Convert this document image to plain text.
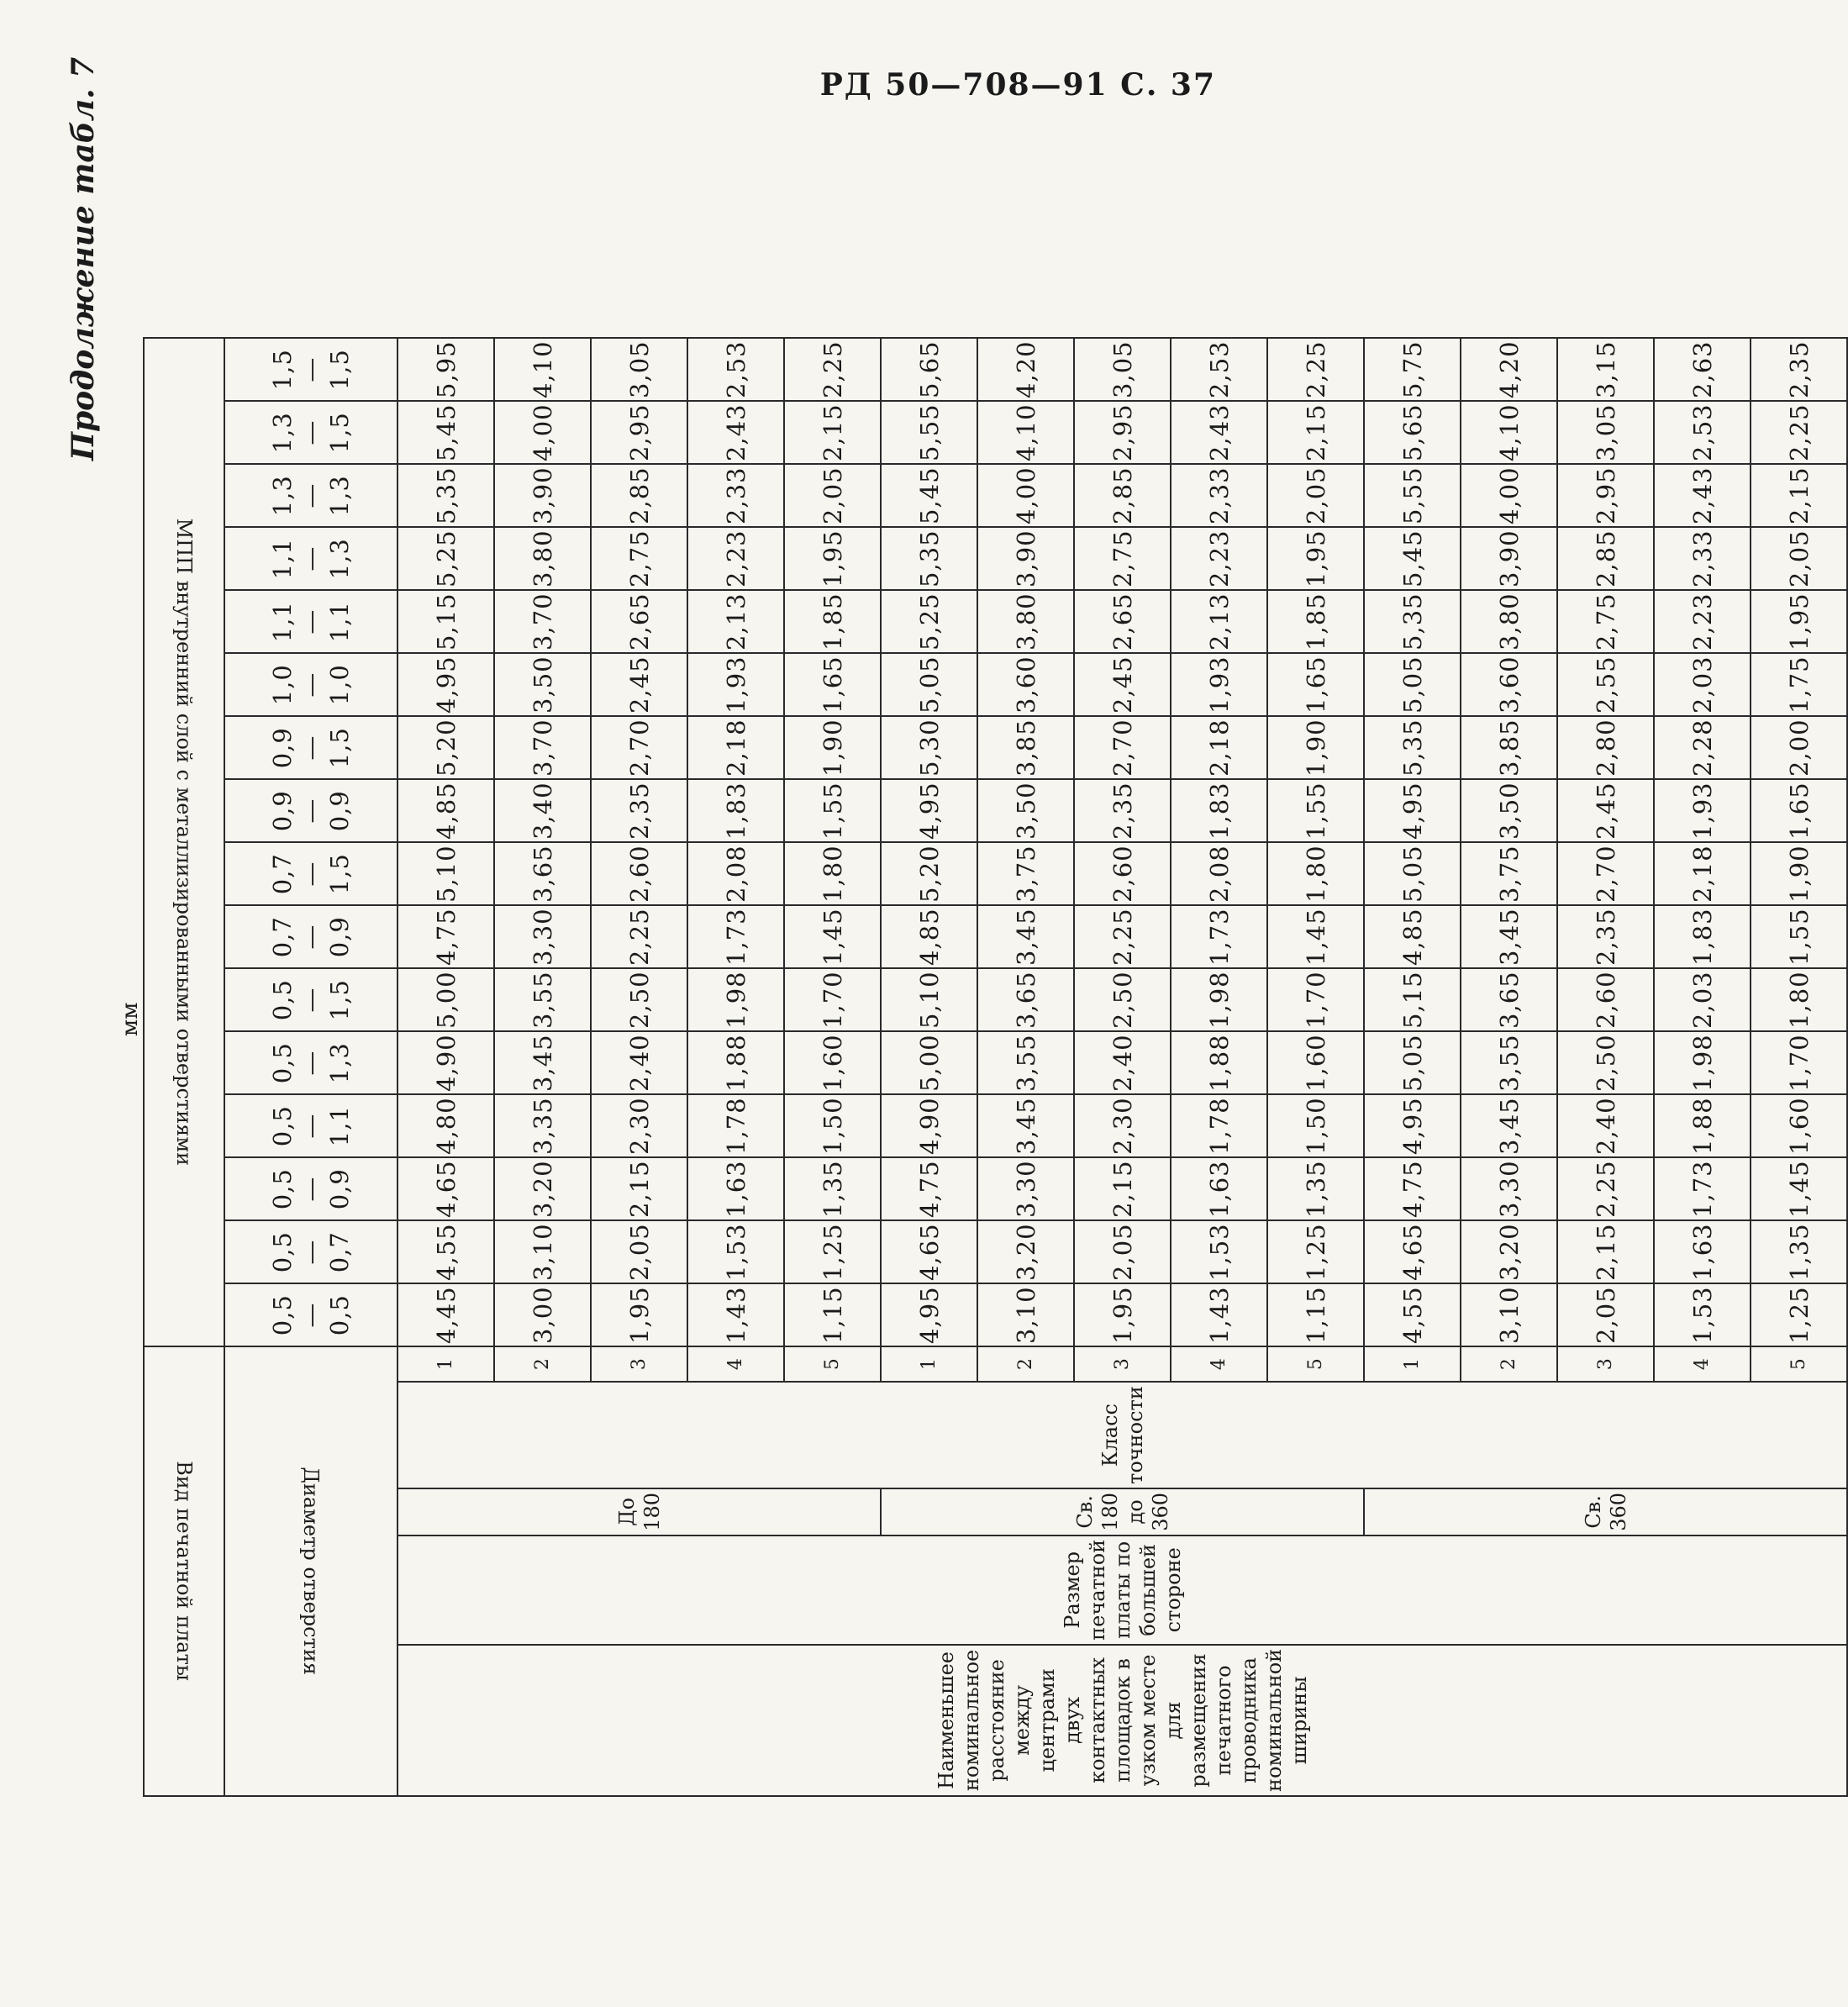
РД 50—708—91 С. 37
Продолжение табл. 7
мм
Вид печатной платы					МПП внутренний слой с металлизированными отверстиями															
Диаметр отверстия					0,5—0,5	0,5—0,7	0,5—0,9	0,5—1,1	0,5—1,3	0,5—1,5	0,7—0,9	0,7—1,5	0,9—0,9	0,9—1,5	1,0—1,0	1,1—1,1	1,1—1,3	1,3—1,3	1,3—1,5	1,5—1,5
Наименьшее номинальное расстояние между центрами двух контактных площадок в узком месте для размещения печатного проводника номинальной ширины	Размер печатной платы по большей стороне	До 180	Класс точности	1	4,45	4,55	4,65	4,80	4,90	5,00	4,75	5,10	4,85	5,20	4,95	5,15	5,25	5,35	5,45	5,95
				2	3,00	3,10	3,20	3,35	3,45	3,55	3,30	3,65	3,40	3,70	3,50	3,70	3,80	3,90	4,00	4,10
				3	1,95	2,05	2,15	2,30	2,40	2,50	2,25	2,60	2,35	2,70	2,45	2,65	2,75	2,85	2,95	3,05
				4	1,43	1,53	1,63	1,78	1,88	1,98	1,73	2,08	1,83	2,18	1,93	2,13	2,23	2,33	2,43	2,53
				5	1,15	1,25	1,35	1,50	1,60	1,70	1,45	1,80	1,55	1,90	1,65	1,85	1,95	2,05	2,15	2,25
		Св. 180 до 360		1	4,95	4,65	4,75	4,90	5,00	5,10	4,85	5,20	4,95	5,30	5,05	5,25	5,35	5,45	5,55	5,65
				2	3,10	3,20	3,30	3,45	3,55	3,65	3,45	3,75	3,50	3,85	3,60	3,80	3,90	4,00	4,10	4,20
				3	1,95	2,05	2,15	2,30	2,40	2,50	2,25	2,60	2,35	2,70	2,45	2,65	2,75	2,85	2,95	3,05
				4	1,43	1,53	1,63	1,78	1,88	1,98	1,73	2,08	1,83	2,18	1,93	2,13	2,23	2,33	2,43	2,53
				5	1,15	1,25	1,35	1,50	1,60	1,70	1,45	1,80	1,55	1,90	1,65	1,85	1,95	2,05	2,15	2,25
		Св. 360		1	4,55	4,65	4,75	4,95	5,05	5,15	4,85	5,05	4,95	5,35	5,05	5,35	5,45	5,55	5,65	5,75
				2	3,10	3,20	3,30	3,45	3,55	3,65	3,45	3,75	3,50	3,85	3,60	3,80	3,90	4,00	4,10	4,20
				3	2,05	2,15	2,25	2,40	2,50	2,60	2,35	2,70	2,45	2,80	2,55	2,75	2,85	2,95	3,05	3,15
				4	1,53	1,63	1,73	1,88	1,98	2,03	1,83	2,18	1,93	2,28	2,03	2,23	2,33	2,43	2,53	2,63
				5	1,25	1,35	1,45	1,60	1,70	1,80	1,55	1,90	1,65	2,00	1,75	1,95	2,05	2,15	2,25	2,35
